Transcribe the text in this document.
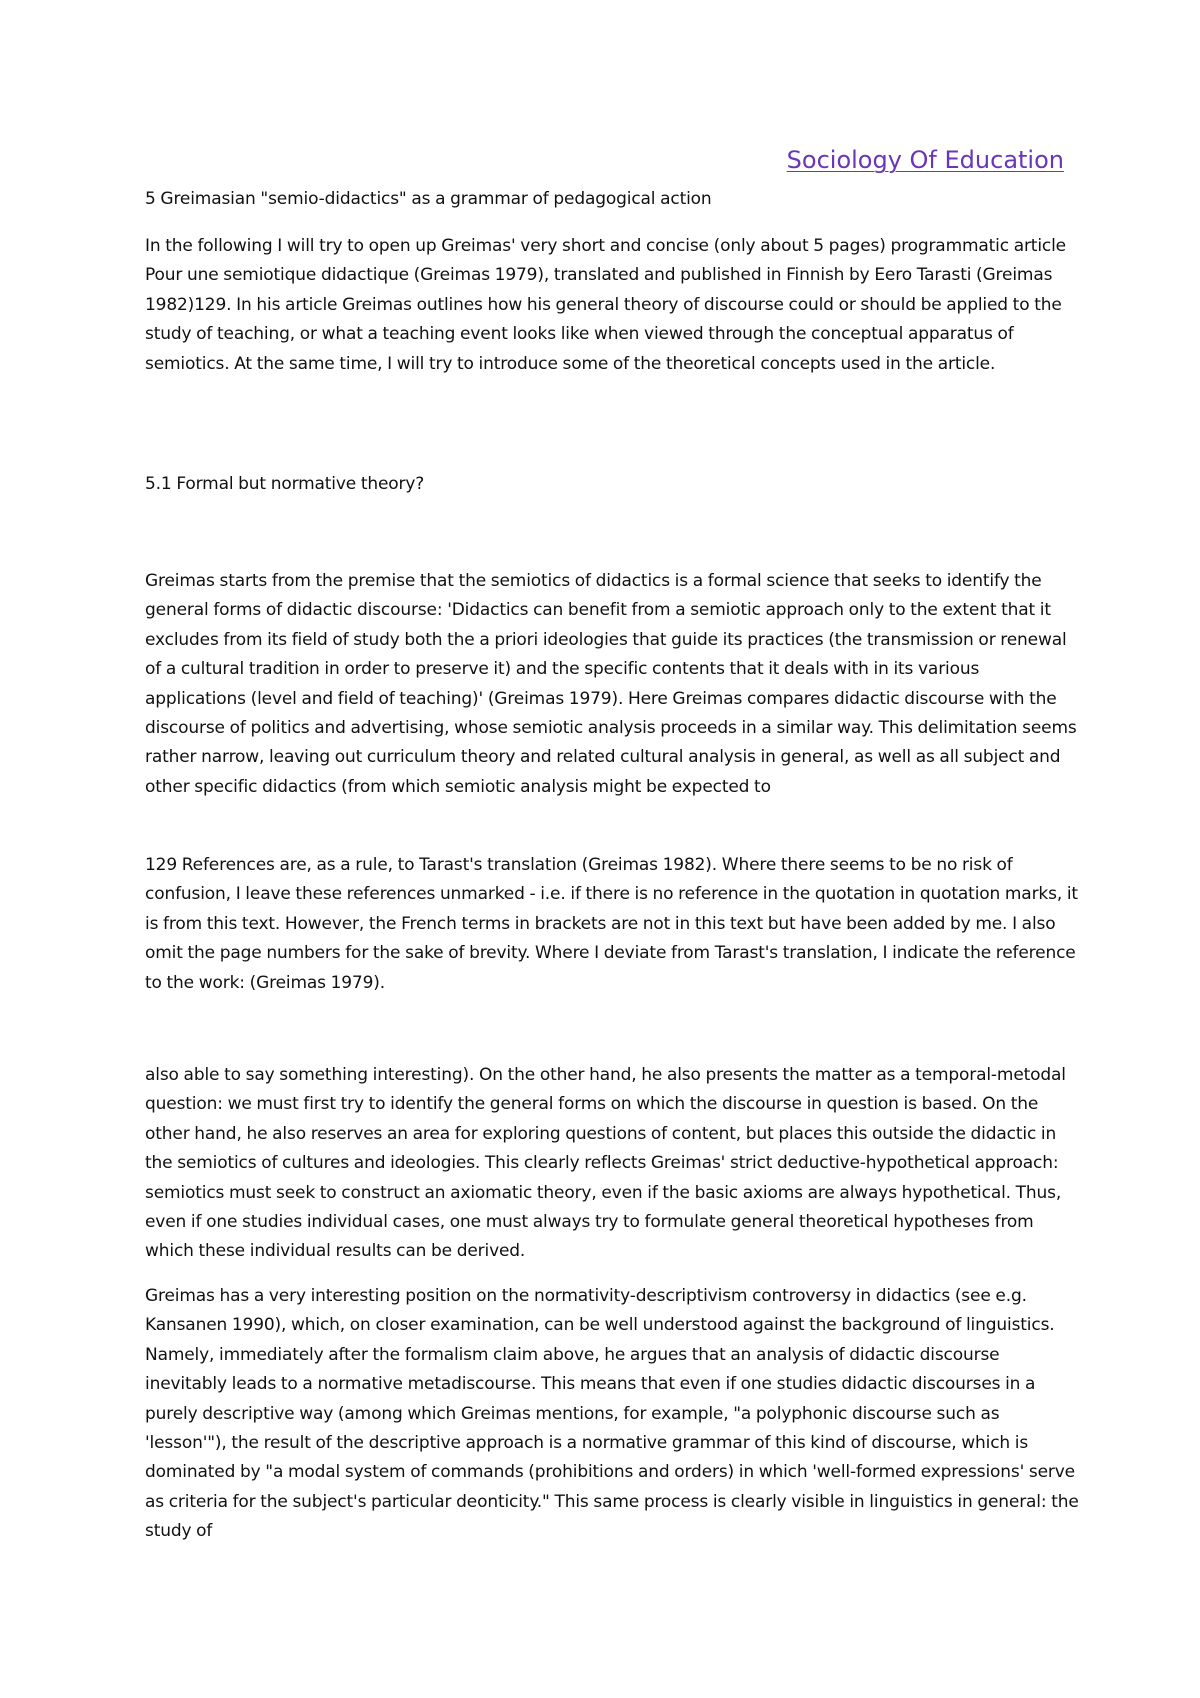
Sociology Of Education

5 Greimasian "semio-didactics" as a grammar of pedagogical action

In the following I will try to open up Greimas' very short and concise (only about 5 pages) programmatic article Pour une semiotique didactique (Greimas 1979), translated and published in Finnish by Eero Tarasti (Greimas 1982)129. In his article Greimas outlines how his general theory of discourse could or should be applied to the study of teaching, or what a teaching event looks like when viewed through the conceptual apparatus of semiotics. At the same time, I will try to introduce some of the theoretical concepts used in the article.

5.1 Formal but normative theory?

Greimas starts from the premise that the semiotics of didactics is a formal science that seeks to identify the general forms of didactic discourse: 'Didactics can benefit from a semiotic approach only to the extent that it excludes from its field of study both the a priori ideologies that guide its practices (the transmission or renewal of a cultural tradition in order to preserve it) and the specific contents that it deals with in its various applications (level and field of teaching)' (Greimas 1979). Here Greimas compares didactic discourse with the discourse of politics and advertising, whose semiotic analysis proceeds in a similar way. This delimitation seems rather narrow, leaving out curriculum theory and related cultural analysis in general, as well as all subject and other specific didactics (from which semiotic analysis might be expected to

129 References are, as a rule, to Tarast's translation (Greimas 1982). Where there seems to be no risk of confusion, I leave these references unmarked - i.e. if there is no reference in the quotation in quotation marks, it is from this text. However, the French terms in brackets are not in this text but have been added by me. I also omit the page numbers for the sake of brevity. Where I deviate from Tarast's translation, I indicate the reference to the work: (Greimas 1979).

also able to say something interesting). On the other hand, he also presents the matter as a temporal-metodal question: we must first try to identify the general forms on which the discourse in question is based. On the other hand, he also reserves an area for exploring questions of content, but places this outside the didactic in the semiotics of cultures and ideologies. This clearly reflects Greimas' strict deductive-hypothetical approach: semiotics must seek to construct an axiomatic theory, even if the basic axioms are always hypothetical. Thus, even if one studies individual cases, one must always try to formulate general theoretical hypotheses from which these individual results can be derived.

Greimas has a very interesting position on the normativity-descriptivism controversy in didactics (see e.g. Kansanen 1990), which, on closer examination, can be well understood against the background of linguistics. Namely, immediately after the formalism claim above, he argues that an analysis of didactic discourse inevitably leads to a normative metadiscourse. This means that even if one studies didactic discourses in a purely descriptive way (among which Greimas mentions, for example, "a polyphonic discourse such as 'lesson'"), the result of the descriptive approach is a normative grammar of this kind of discourse, which is dominated by "a modal system of commands (prohibitions and orders) in which 'well-formed expressions' serve as criteria for the subject's particular deonticity." This same process is clearly visible in linguistics in general: the study of
